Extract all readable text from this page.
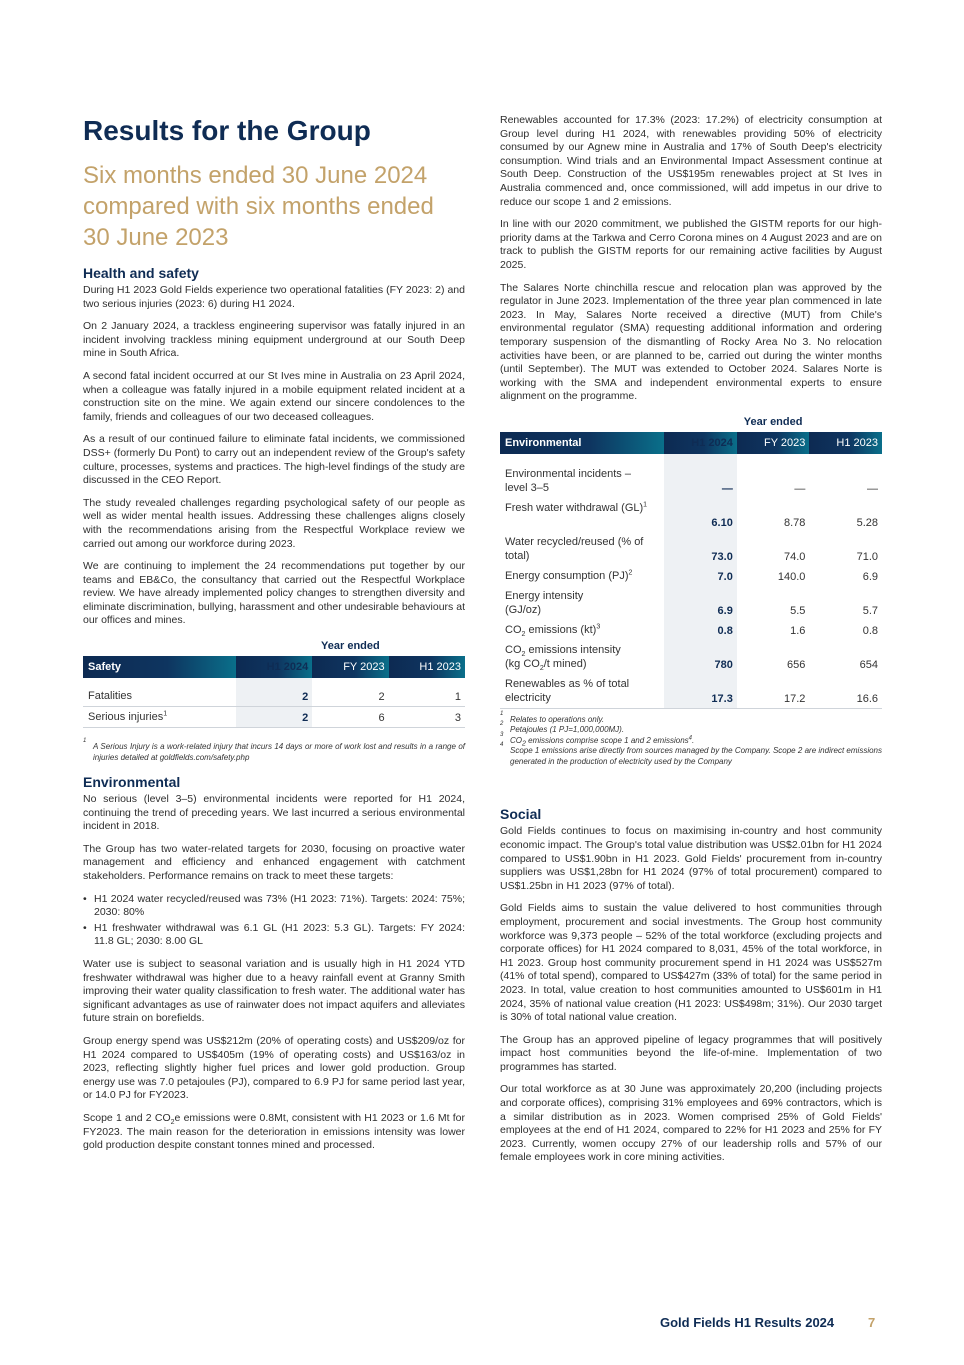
Results for the Group
Six months ended 30 June 2024 compared with six months ended 30 June 2023
Health and safety

During H1 2023 Gold Fields experience two operational fatalities (FY 2023: 2) and two serious injuries (2023: 6) during H1 2024.

On 2 January 2024, a trackless engineering supervisor was fatally injured in an incident involving trackless mining equipment underground at our South Deep mine in South Africa.

A second fatal incident occurred at our St Ives mine in Australia on 23 April 2024, when a colleague was fatally injured in a mobile equipment related incident at a construction site on the mine. We again extend our sincere condolences to the family, friends and colleagues of our two deceased colleagues.

As a result of our continued failure to eliminate fatal incidents, we commissioned DSS+ (formerly Du Pont) to carry out an independent review of the Group's safety culture, processes, systems and practices. The high-level findings of the study are discussed in the CEO Report.

The study revealed challenges regarding psychological safety of our people as well as wider mental health issues. Addressing these challenges aligns closely with the recommendations arising from the Respectful Workplace review we carried out among our workforce during 2023.

We are continuing to implement the 24 recommendations put together by our teams and EB&Co, the consultancy that carried out the Respectful Workplace review. We have already implemented policy changes to strengthen diversity and eliminate discrimination, bullying, harassment and other undesirable behaviours at our offices and mines.

	Year ended		
Safety	H1 2024	FY 2023	H1 2023

Fatalities	2	2	1
Serious injuries$^1$	2	6	3
1
A Serious Injury is a work-related injury that incurs 14 days or more of work lost and results in a range of injuries detailed at goldfields.com/safety.php
Environmental

No serious (level 3–5) environmental incidents were reported for H1 2024, continuing the trend of preceding years. We last incurred a serious environmental incident in 2018.

The Group has two water-related targets for 2030, focusing on proactive water management and efficiency and enhanced engagement with catchment stakeholders. Performance remains on track to meet these targets:

• H1 2024 water recycled/reused was 73% (H1 2023: 71%). Targets: 2024: 75%; 2030: 80%
• H1 freshwater withdrawal was 6.1 GL (H1 2023: 5.3 GL). Targets: FY 2024: 11.8 GL; 2030: 8.00 GL

Water use is subject to seasonal variation and is usually high in H1 2024 YTD freshwater withdrawal was higher due to a heavy rainfall event at Granny Smith improving their water quality classification to fresh water. The additional water has significant advantages as use of rainwater does not impact aquifers and alleviates future strain on borefields.

Group energy spend was US$212m (20% of operating costs) and US$209/oz for H1 2024 compared to US$405m (19% of operating costs) and US$163/oz in 2023, reflecting slightly higher fuel prices and lower gold production. Group energy use was 7.0 petajoules (PJ), compared to 6.9 PJ for same period last year, or 14.0 PJ for FY2023.

Scope 1 and 2 $CO_2e$ emissions were 0.8Mt, consistent with H1 2023 or 1.6 Mt for FY2023. The main reason for the deterioration in emissions intensity was lower gold production despite constant tonnes mined and processed.

Renewables accounted for 17.3% (2023: 17.2%) of electricity consumption at Group level during H1 2024, with renewables providing 50% of electricity consumed by our Agnew mine in Australia and 17% of South Deep's electricity consumption. Wind trials and an Environmental Impact Assessment continue at South Deep. Construction of the US$195m renewables project at St Ives in Australia commenced and, once commissioned, will add impetus in our drive to reduce our scope 1 and 2 emissions.

In line with our 2020 commitment, we published the GISTM reports for our high-priority dams at the Tarkwa and Cerro Corona mines on 4 August 2023 and are on track to publish the GISTM reports for our remaining active facilities by August 2025.

The Salares Norte chinchilla rescue and relocation plan was approved by the regulator in June 2023. Implementation of the three year plan commenced in late 2023. In May, Salares Norte received a directive (MUT) from Chile's environmental regulator (SMA) requesting additional information and ordering temporary suspension of the dismantling of Rocky Area No 3. No relocation activities have been, or are planned to be, carried out during the winter months (until September). The MUT was extended to October 2024. Salares Norte is working with the SMA and independent environmental experts to ensure alignment on the programme.

	Year ended		
Environmental	H1 2024	FY 2023	H1 2023

Environmental incidents –
level 3–5	—	—	—
Fresh water withdrawal (GL)$^1$	6.10	8.78	5.28
Water recycled/reused (% of
total)	73.0	74.0	71.0
Energy consumption (PJ)$^2$	7.0	140.0	6.9
Energy intensity
(GJ/oz)	6.9	5.5	5.7
$CO_2$ emissions (kt)$^3$	0.8	1.6	0.8
$CO_2$ emissions intensity
(kg $CO_2/t$ mined)	780	656	654
Renewables as % of total
electricity	17.3	17.2	16.6
1
Relates to operations only.
2
Petajoules (1 PJ=1,000,000MJ).
3
$CO_2$ emissions comprise scope 1 and 2 emissions$^4$.
4
Scope 1 emissions arise directly from sources managed by the Company. Scope 2 are indirect emissions generated in the production of electricity used by the Company
Social

Gold Fields continues to focus on maximising in-country and host community economic impact. The Group's total value distribution was US$2.01bn for H1 2024 compared to US$1.90bn in H1 2023. Gold Fields' procurement from in-country suppliers was US$1,28bn for H1 2024 (97% of total procurement) compared to US$1.25bn in H1 2023 (97% of total).

Gold Fields aims to sustain the value delivered to host communities through employment, procurement and social investments. The Group host community workforce was 9,373 people – 52% of the total workforce (excluding projects and corporate offices) for H1 2024 compared to 8,031, 45% of the total workforce, in H1 2023. Group host community procurement spend in H1 2024 was US$527m (41% of total spend), compared to US$427m (33% of total) for the same period in 2023. In total, value creation to host communities amounted to US$601m in H1 2024, 35% of national value creation (H1 2023: US$498m; 31%). Our 2030 target is 30% of total national value creation.

The Group has an approved pipeline of legacy programmes that will positively impact host communities beyond the life-of-mine. Implementation of two programmes has started.

Our total workforce as at 30 June was approximately 20,200 (including projects and corporate offices), comprising 31% employees and 69% contractors, which is a similar distribution as in 2023. Women comprised 25% of Gold Fields' employees at the end of H1 2024, compared to 22% for H1 2023 and 25% for FY 2023. Currently, women occupy 27% of our leadership rolls and 57% of our female employees work in core mining activities.

Gold Fields H1 Results 2024	7
